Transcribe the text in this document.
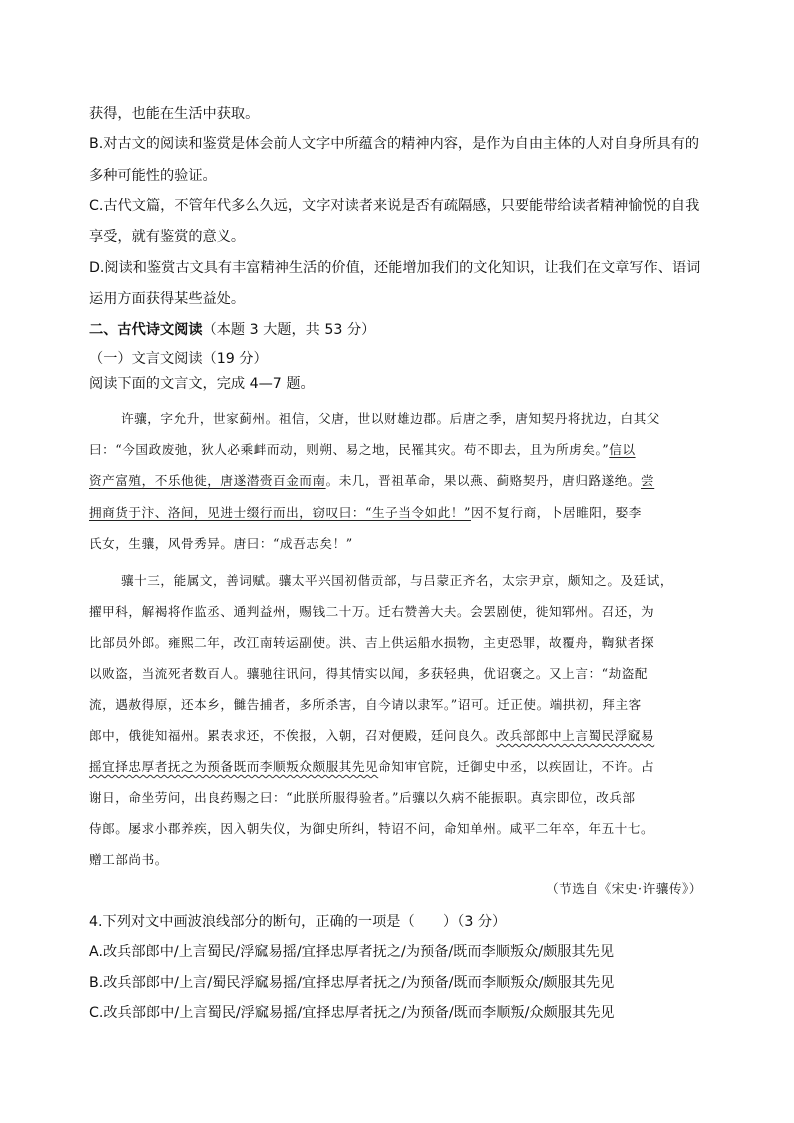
获得，也能在生活中获取。
B.对古文的阅读和鉴赏是体会前人文字中所蕴含的精神内容，是作为自由主体的人对自身所具有的
多种可能性的验证。
C.古代文篇，不管年代多么久远，文字对读者来说是否有疏隔感，只要能带给读者精神愉悦的自我
享受，就有鉴赏的意义。
D.阅读和鉴赏古文具有丰富精神生活的价值，还能增加我们的文化知识，让我们在文章写作、语词
运用方面获得某些益处。
二、古代诗文阅读（本题 3 大题，共 53 分）
（一）文言文阅读（19 分）
阅读下面的文言文，完成 4—7 题。
许骧，字允升，世家蓟州。祖信，父唐，世以财雄边郡。后唐之季，唐知契丹将扰边，白其父
曰：“今国政废弛，狄人必乘衅而动，则朔、易之地，民罹其灾。苟不即去，且为所虏矣。”信以
资产富殖，不乐他徙，唐遂潜赍百金而南。未几，晋祖革命，果以燕、蓟赂契丹，唐归路遂绝。尝
拥商货于汴、洛间，见进士缀行而出，窃叹曰：“生子当令如此！”因不复行商，卜居睢阳，娶李
氏女，生骧，风骨秀异。唐曰：“成吾志矣！”
骧十三，能属文，善词赋。骧太平兴国初偕贡部，与吕蒙正齐名，太宗尹京，颇知之。及廷试，
擢甲科，解褐将作监丞、通判益州，赐钱二十万。迁右赞善大夫。会罢剧使，徙知郓州。召还，为
比部员外郎。雍熙二年，改江南转运副使。洪、吉上供运船水损物，主吏恐罪，故覆舟，鞫狱者探
以败盗，当流死者数百人。骧驰往讯问，得其情实以闻，多获轻典，优诏褒之。又上言：“劫盗配
流，遇赦得原，还本乡，雠告捕者，多所杀害，自今请以隶军。”诏可。迁正使。端拱初，拜主客
郎中，俄徙知福州。累表求还，不俟报，入朝，召对便殿，廷问良久。改兵部郎中上言蜀民浮窳易
摇宜择忠厚者抚之为预备既而李顺叛众颇服其先见命知审官院，迁御史中丞，以疾固让，不许。占
谢日，命坐劳问，出良药赐之曰：“此朕所服得验者。”后骧以久病不能振职。真宗即位，改兵部
侍郎。屡求小郡养疾，因入朝失仪，为御史所纠，特诏不问，命知单州。咸平二年卒，年五十七。
赠工部尚书。
（节选自《宋史·许骧传》）
4.下列对文中画波浪线部分的断句，正确的一项是（　　）（3 分）
A.改兵部郎中/上言蜀民/浮窳易摇/宜择忠厚者抚之/为预备/既而李顺叛众/颇服其先见
B.改兵部郎中/上言/蜀民浮窳易摇/宜择忠厚者抚之/为预备/既而李顺叛众/颇服其先见
C.改兵部郎中/上言蜀民/浮窳易摇/宜择忠厚者抚之/为预备/既而李顺叛/众颇服其先见
